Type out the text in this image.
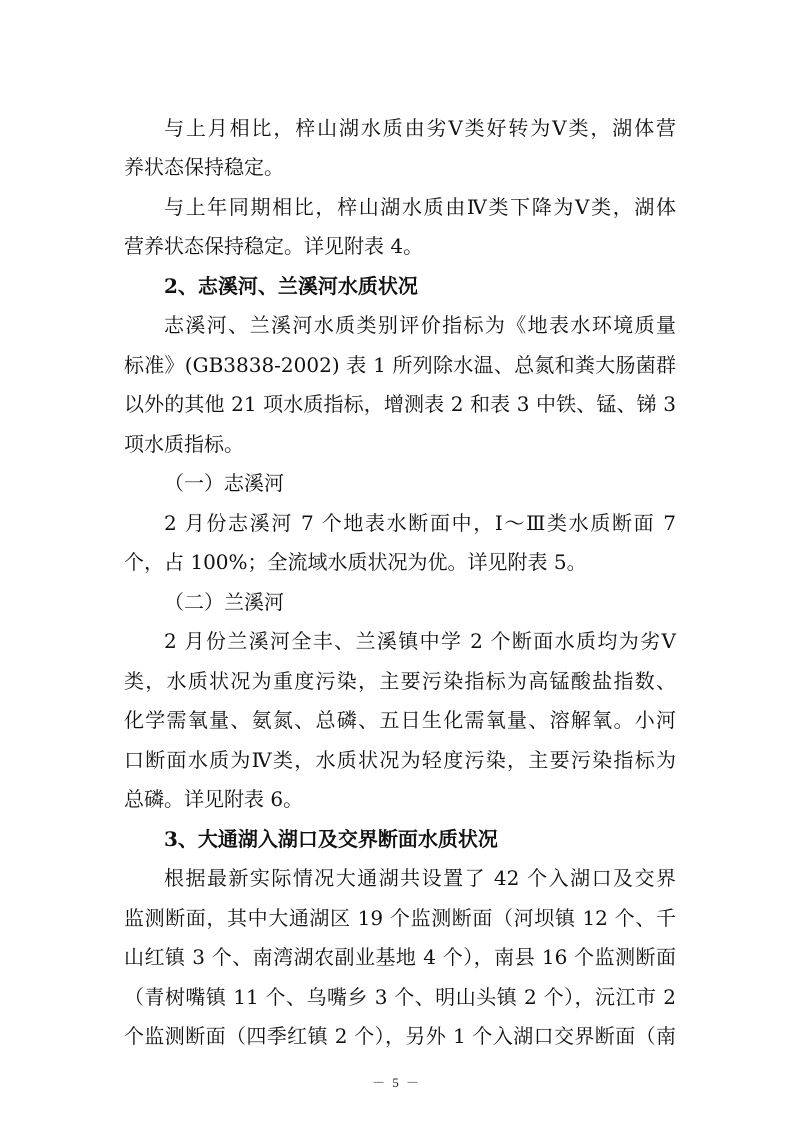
与上月相比，梓山湖水质由劣Ⅴ类好转为Ⅴ类，湖体营
养状态保持稳定。
与上年同期相比，梓山湖水质由Ⅳ类下降为Ⅴ类，湖体
营养状态保持稳定。详见附表 4。
2、志溪河、兰溪河水质状况
志溪河、兰溪河水质类别评价指标为《地表水环境质量
标准》(GB3838-2002) 表 1 所列除水温、总氮和粪大肠菌群
以外的其他 21 项水质指标，增测表 2 和表 3 中铁、锰、锑 3
项水质指标。
（一）志溪河
2 月份志溪河 7 个地表水断面中，Ⅰ～Ⅲ类水质断面 7
个，占 100%；全流域水质状况为优。详见附表 5。
（二）兰溪河
2 月份兰溪河全丰、兰溪镇中学 2 个断面水质均为劣Ⅴ
类，水质状况为重度污染，主要污染指标为高锰酸盐指数、
化学需氧量、氨氮、总磷、五日生化需氧量、溶解氧。小河
口断面水质为Ⅳ类，水质状况为轻度污染，主要污染指标为
总磷。详见附表 6。
3、大通湖入湖口及交界断面水质状况
根据最新实际情况大通湖共设置了 42 个入湖口及交界
监测断面，其中大通湖区 19 个监测断面（河坝镇 12 个、千
山红镇 3 个、南湾湖农副业基地 4 个），南县 16 个监测断面
（青树嘴镇 11 个、乌嘴乡 3 个、明山头镇 2 个），沅江市 2
个监测断面（四季红镇 2 个），另外 1 个入湖口交界断面（南
－ 5 －
